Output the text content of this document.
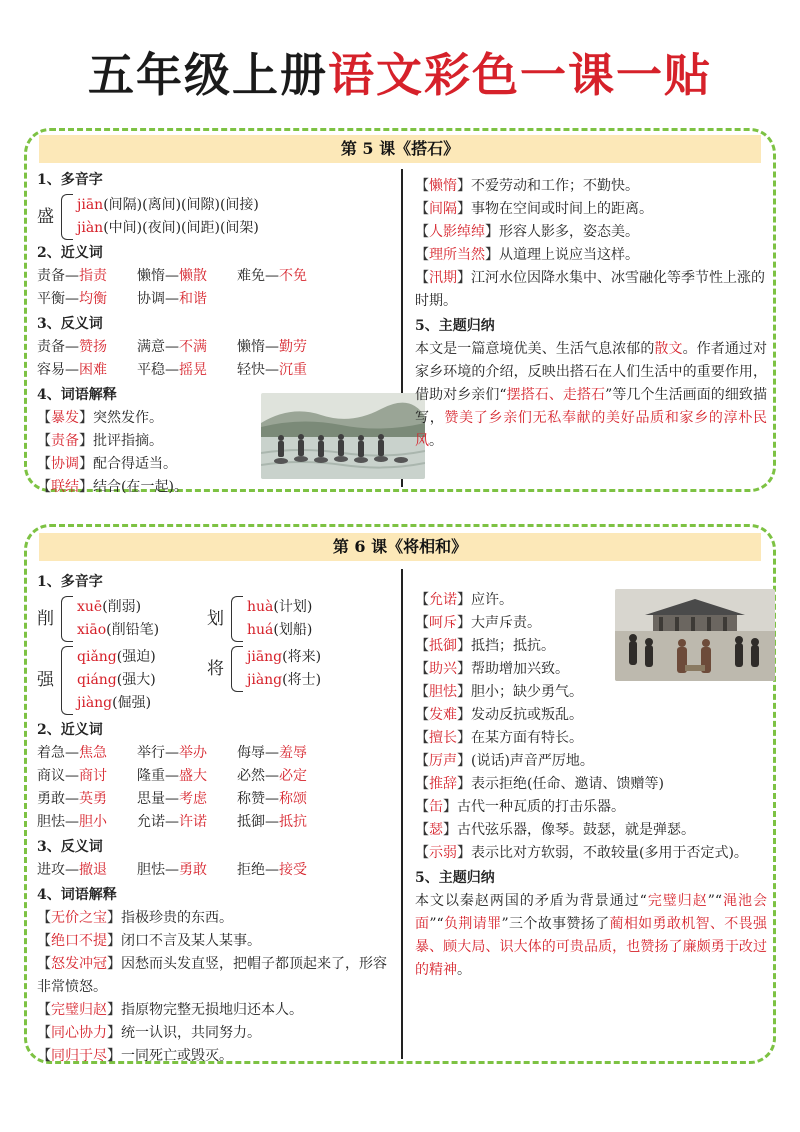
五年级上册语文彩色一课一贴
第 5 课《搭石》
1、多音字
盛
jiān(间隔)(离间)(间隙)(间接)
jiàn(中间)(夜间)(间距)(间架)
2、近义词
责备—指责 懒惰—懒散 难免—不免
平衡—均衡 协调—和谐
3、反义词
责备—赞扬 满意—不满 懒惰—勤劳
容易—困难 平稳—摇晃 轻快—沉重
4、词语解释
【暴发】突然发作。
【责备】批评指摘。
【协调】配合得适当。
【联结】结合(在一起)。
【懒惰】不爱劳动和工作；不勤快。
【间隔】事物在空间或时间上的距离。
【人影绰绰】形容人影多，姿态美。
【理所当然】从道理上说应当这样。
【汛期】江河水位因降水集中、冰雪融化等季节性上涨的时期。
5、主题归纳
本文是一篇意境优美、生活气息浓郁的散文。作者通过对家乡环境的介绍，反映出搭石在人们生活中的重要作用，借助对乡亲们“摆搭石、走搭石”等几个生活画面的细致描写，赞美了乡亲们无私奉献的美好品质和家乡的淳朴民风。
第 6 课《将相和》
1、多音字
削
xuē(削弱)
xiāo(削铅笔)
划
huà(计划)
huá(划船)
强
qiǎng(强迫)
qiáng(强大)
jiàng(倔强)
将
jiāng(将来)
jiàng(将士)
2、近义词
着急—焦急 举行—举办 侮辱—羞辱
商议—商讨 隆重—盛大 必然—必定
勇敢—英勇 思量—考虑 称赞—称颂
胆怯—胆小 允诺—许诺 抵御—抵抗
3、反义词
进攻—撤退 胆怯—勇敢 拒绝—接受
4、词语解释
【无价之宝】指极珍贵的东西。
【绝口不提】闭口不言及某人某事。
【怒发冲冠】因愁而头发直竖，把帽子都顶起来了，形容非常愤怒。
【完璧归赵】指原物完整无损地归还本人。
【同心协力】统一认识，共同努力。
【同归于尽】一同死亡或毁灭。
【允诺】应许。
【呵斥】大声斥责。
【抵御】抵挡；抵抗。
【助兴】帮助增加兴致。
【胆怯】胆小；缺少勇气。
【发难】发动反抗或叛乱。
【擅长】在某方面有特长。
【厉声】(说话)声音严厉地。
【推辞】表示拒绝(任命、邀请、馈赠等)
【缶】古代一种瓦质的打击乐器。
【瑟】古代弦乐器，像琴。鼓瑟，就是弹瑟。
【示弱】表示比对方软弱，不敢较量(多用于否定式)。
5、主题归纳
本文以秦赵两国的矛盾为背景通过“完璧归赵”“渑池会面”“负荆请罪”三个故事赞扬了蔺相如勇敢机智、不畏强暴、顾大局、识大体的可贵品质，也赞扬了廉颇勇于改过的精神。
